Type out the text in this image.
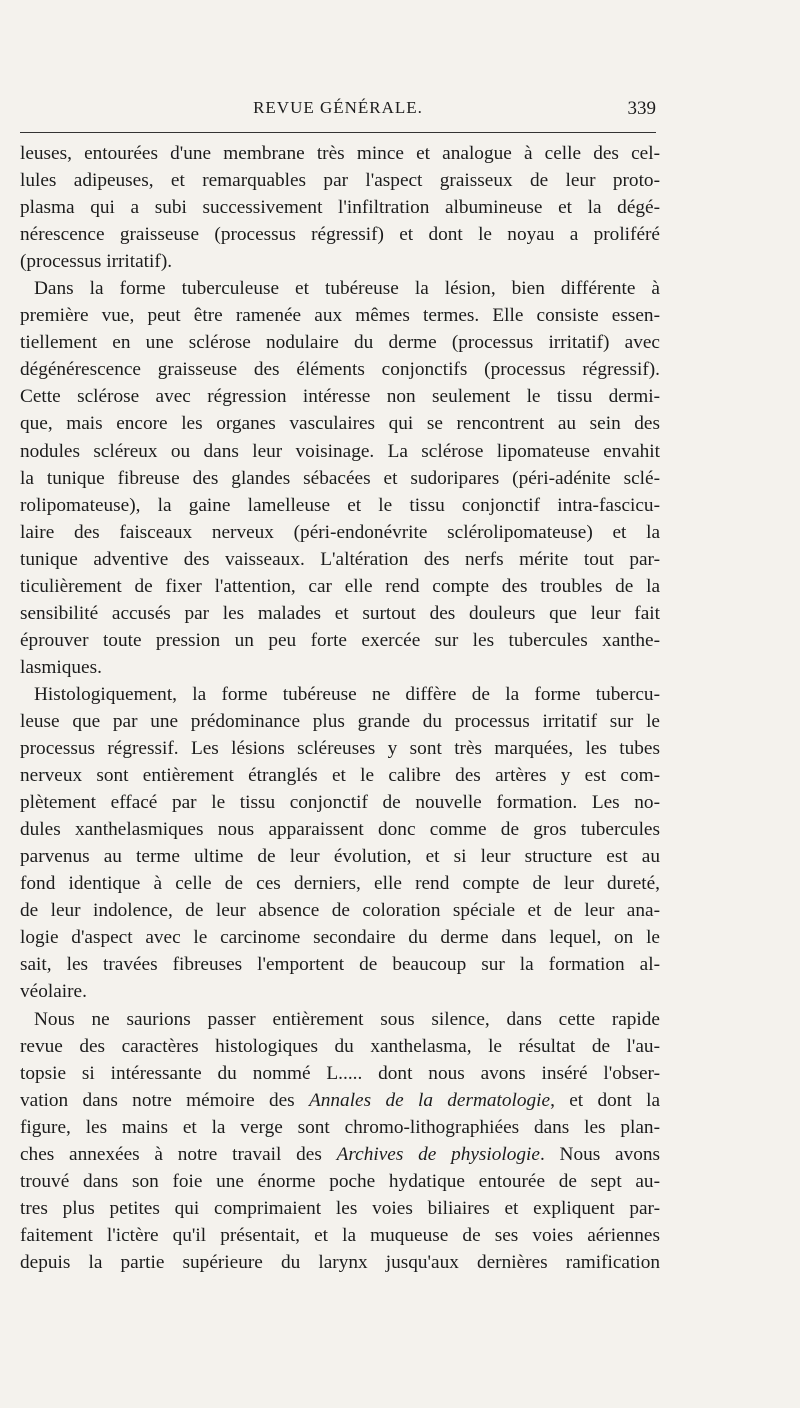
REVUE GÉNÉRALE.	339
leuses, entourées d'une membrane très mince et analogue à celle des cel-
lules adipeuses, et remarquables par l'aspect graisseux de leur proto-
plasma qui a subi successivement l'infiltration albumineuse et la dégé-
nérescence graisseuse (processus régressif) et dont le noyau a proliféré
(processus irritatif).
Dans la forme tuberculeuse et tubéreuse la lésion, bien différente à
première vue, peut être ramenée aux mêmes termes. Elle consiste essen-
tiellement en une sclérose nodulaire du derme (processus irritatif) avec
dégénérescence graisseuse des éléments conjonctifs (processus régressif).
Cette sclérose avec régression intéresse non seulement le tissu dermi-
que, mais encore les organes vasculaires qui se rencontrent au sein des
nodules scléreux ou dans leur voisinage. La sclérose lipomateuse envahit
la tunique fibreuse des glandes sébacées et sudoripares (péri-adénite sclé-
rolipomateuse), la gaine lamelleuse et le tissu conjonctif intra-fascicu-
laire des faisceaux nerveux (péri-endonévrite sclérolipomateuse) et la
tunique adventive des vaisseaux. L'altération des nerfs mérite tout par-
ticulièrement de fixer l'attention, car elle rend compte des troubles de la
sensibilité accusés par les malades et surtout des douleurs que leur fait
éprouver toute pression un peu forte exercée sur les tubercules xanthe-
lasmiques.
Histologiquement, la forme tubéreuse ne diffère de la forme tubercu-
leuse que par une prédominance plus grande du processus irritatif sur le
processus régressif. Les lésions scléreuses y sont très marquées, les tubes
nerveux sont entièrement étranglés et le calibre des artères y est com-
plètement effacé par le tissu conjonctif de nouvelle formation. Les no-
dules xanthelasmiques nous apparaissent donc comme de gros tubercules
parvenus au terme ultime de leur évolution, et si leur structure est au
fond identique à celle de ces derniers, elle rend compte de leur dureté,
de leur indolence, de leur absence de coloration spéciale et de leur ana-
logie d'aspect avec le carcinome secondaire du derme dans lequel, on le
sait, les travées fibreuses l'emportent de beaucoup sur la formation al-
véolaire.
Nous ne saurions passer entièrement sous silence, dans cette rapide
revue des caractères histologiques du xanthelasma, le résultat de l'au-
topsie si intéressante du nommé L..... dont nous avons inséré l'obser-
vation dans notre mémoire des Annales de la dermatologie, et dont la
figure, les mains et la verge sont chromo-lithographiées dans les plan-
ches annexées à notre travail des Archives de physiologie. Nous avons
trouvé dans son foie une énorme poche hydatique entourée de sept au-
tres plus petites qui comprimaient les voies biliaires et expliquent par-
faitement l'ictère qu'il présentait, et la muqueuse de ses voies aériennes
depuis la partie supérieure du larynx jusqu'aux dernières ramification
